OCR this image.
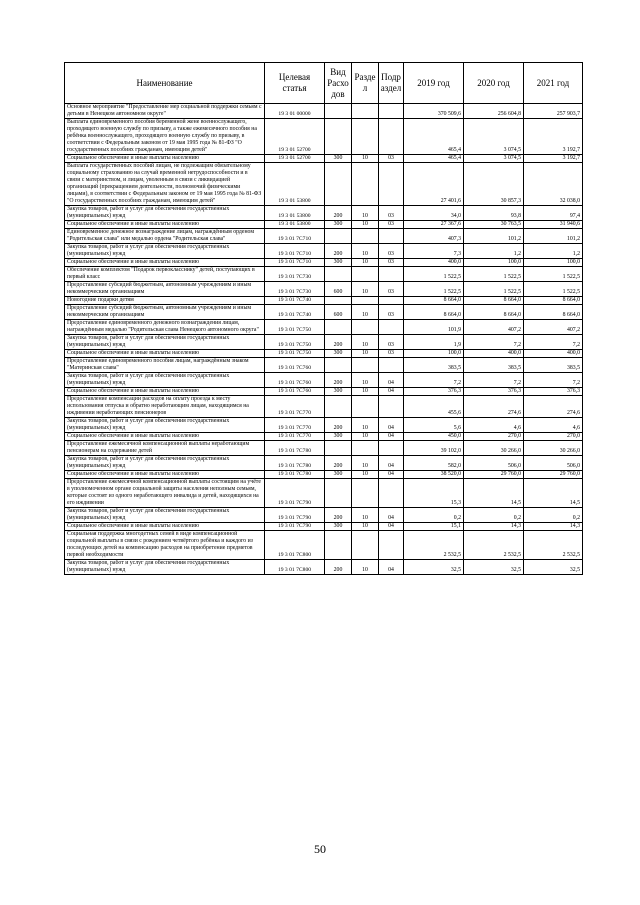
Наименование	Целевая статья	Вид Расхо дов	Разде л	Подр аздел	2019 год	2020 год	2021 год
Основное мероприятие "Предоставление мер социальной поддержки семьям с детьми в Ненецком автономном округе"	19 3 01 00000				370 509,6	256 604,8	257 903,7
Выплата единовременного пособия беременной жене военнослужащего, проходящего военную службу по призыву, а также ежемесячного пособия на ребёнка военнослужащего, проходящего военную службу по призыву, в соответствии с Федеральным законом от 19 мая 1995 года № 81-ФЗ "О государственных пособиях гражданам, имеющим детей"	19 3 01 52700				465,4	3 074,5	3 192,7
Социальное обеспечение и иные выплаты населению	19 3 01 52700	300	10	03	465,4	3 074,5	3 192,7
Выплата государственных пособий лицам, не подлежащим обязательному социальному страхованию на случай временной нетрудоспособности и в связи с материнством, и лицам, уволенным в связи с ликвидацией организаций (прекращением деятельности, полномочий физическими лицами), в соответствии с Федеральным законом от 19 мая 1995 года № 81-ФЗ "О государственных пособиях гражданам, имеющим детей"	19 3 01 53800				27 401,6	30 857,3	32 038,0
Закупка товаров, работ и услуг для обеспечения государственных (муниципальных) нужд	19 3 01 53800	200	10	03	34,0	93,8	97,4
Социальное обеспечение и иные выплаты населению	19 3 01 53800	300	10	03	27 367,6	30 763,5	31 940,6
Единовременное денежное вознаграждение лицам, награждённым орденом "Родительская слава" или медалью ордена "Родительская слава"	19 3 01 7С710				407,3	101,2	101,2
Закупка товаров, работ и услуг для обеспечения государственных (муниципальных) нужд	19 3 01 7С710	200	10	03	7,3	1,2	1,2
Социальное обеспечение и иные выплаты населению	19 3 01 7С710	300	10	03	400,0	100,0	100,0
Обеспечение комплектом "Подарок первокласснику" детей, поступающих в первый класс	19 3 01 7С730				1 522,5	1 522,5	1 522,5
Предоставление субсидий бюджетным, автономным учреждениям и иным некоммерческим организациям	19 3 01 7С730	600	10	03	1 522,5	1 522,5	1 522,5
Новогодние подарки детям	19 3 01 7С740				8 664,0	8 664,0	8 664,0
Предоставление субсидий бюджетным, автономным учреждениям и иным некоммерческим организациям	19 3 01 7С740	600	10	03	8 664,0	8 664,0	8 664,0
Предоставление единовременного денежного вознаграждения лицам, награждённым медалью "Родительская слава Ненецкого автономного округа"	19 3 01 7С750				101,9	407,2	407,2
Закупка товаров, работ и услуг для обеспечения государственных (муниципальных) нужд	19 3 01 7С750	200	10	03	1,9	7,2	7,2
Социальное обеспечение и иные выплаты населению	19 3 01 7С750	300	10	03	100,0	400,0	400,0
Предоставление единовременного пособия лицам, награждённым знаком "Материнская слава"	19 3 01 7С760				383,5	383,5	383,5
Закупка товаров, работ и услуг для обеспечения государственных (муниципальных) нужд	19 3 01 7С760	200	10	04	7,2	7,2	7,2
Социальное обеспечение и иные выплаты населению	19 3 01 7С760	300	10	04	376,3	376,3	376,3
Предоставление компенсации расходов на оплату проезда к месту использования отпуска и обратно неработающим лицам, находящимся на иждивении неработающих пенсионеров	19 3 01 7С770				455,6	274,6	274,6
Закупка товаров, работ и услуг для обеспечения государственных (муниципальных) нужд	19 3 01 7С770	200	10	04	5,6	4,6	4,6
Социальное обеспечение и иные выплаты населению	19 3 01 7С770	300	10	04	450,0	270,0	270,0
Предоставление ежемесячной компенсационной выплаты неработающим пенсионерам на содержание детей	19 3 01 7С780				39 102,0	30 266,0	30 266,0
Закупка товаров, работ и услуг для обеспечения государственных (муниципальных) нужд	19 3 01 7С780	200	10	04	582,0	506,0	506,0
Социальное обеспечение и иные выплаты населению	19 3 01 7С780	300	10	04	38 520,0	29 760,0	29 760,0
Предоставление ежемесячной компенсационной выплаты состоящим на учёте в уполномоченном органе социальной защиты населения неполным семьям, которые состоят из одного неработающего инвалида и детей, находящихся на его иждивении	19 3 01 7С790				15,3	14,5	14,5
Закупка товаров, работ и услуг для обеспечения государственных (муниципальных) нужд	19 3 01 7С790	200	10	04	0,2	0,2	0,2
Социальное обеспечение и иные выплаты населению	19 3 01 7С790	300	10	04	15,1	14,3	14,3
Социальная поддержка многодетных семей в виде компенсационной социальной выплаты в связи с рождением четвёртого ребёнка и каждого из последующих детей на компенсацию расходов на приобретение предметов первой необходимости	19 3 01 7С800				2 532,5	2 532,5	2 532,5
Закупка товаров, работ и услуг для обеспечения государственных (муниципальных) нужд	19 3 01 7С800	200	10	04	32,5	32,5	32,5
50
